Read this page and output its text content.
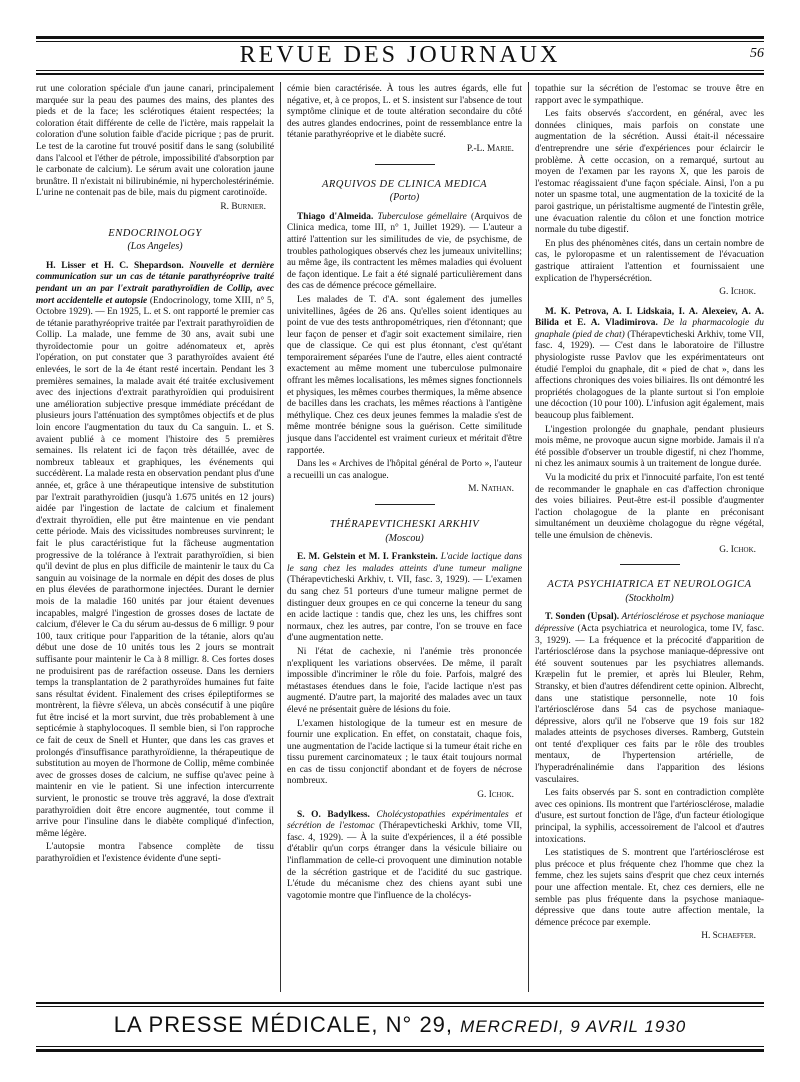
REVUE DES JOURNAUX	56

rut une coloration spéciale d'un jaune canari, principalement marquée sur la peau des paumes des mains, des plantes des pieds et de la face; les sclérotiques étaient respectées; la coloration était différente de celle de l'ictère, mais rappelait la coloration d'une solution faible d'acide picrique ; pas de prurit. Le test de la carotine fut trouvé positif dans le sang (solubilité dans l'alcool et l'éther de pétrole, impossibilité d'absorption par le carbonate de calcium). Le sérum avait une coloration jaune brunâtre. Il n'existait ni bilirubinémie, ni hypercholestérinémie. L'urine ne contenait pas de bile, mais du pigment carotinoïde.

R. Burnier.

ENDOCRINOLOGY
(Los Angeles)

H. Lisser et H. C. Shepardson. Nouvelle et dernière communication sur un cas de tétanie parathyréoprive traité pendant un an par l'extrait parathyroïdien de Collip, avec mort accidentelle et autopsie (Endocrinology, tome XIII, n° 5, Octobre 1929). — En 1925, L. et S. ont rapporté le premier cas de tétanie parathyréoprive traitée par l'extrait parathyroïdien de Collip. La malade, une femme de 30 ans, avait subi une thyroïdectomie pour un goitre adénomateux et, après l'opération, on put constater que 3 parathyroïdes avaient été enlevées, le sort de la 4e étant resté incertain. Pendant les 3 premières semaines, la malade avait été traitée exclusivement avec des injections d'extrait parathyroïdien qui produisirent une amélioration subjective presque immédiate précédant de plusieurs jours l'atténuation des symptômes objectifs et de plus loin encore l'augmentation du taux du Ca sanguin. L. et S. avaient publié à ce moment l'histoire des 5 premières semaines. Ils relatent ici de façon très détaillée, avec de nombreux tableaux et graphiques, les événements qui succédèrent. La malade resta en observation pendant plus d'une année, et, grâce à une thérapeutique intensive de substitution par l'extrait parathyroïdien (jusqu'à 1.675 unités en 12 jours) aidée par l'ingestion de lactate de calcium et finalement d'extrait thyroïdien, elle put être maintenue en vie pendant cette période. Mais des vicissitudes nombreuses survinrent; le fait le plus caractéristique fut la fâcheuse augmentation progressive de la tolérance à l'extrait parathyroïdien, si bien qu'il devint de plus en plus difficile de maintenir le taux du Ca sanguin au voisinage de la normale en dépit des doses de plus en plus élevées de parathormone injectées. Durant le dernier mois de la maladie 160 unités par jour étaient devenues incapables, malgré l'ingestion de grosses doses de lactate de calcium, d'élever le Ca du sérum au-dessus de 6 milligr. 9 pour 100, taux critique pour l'apparition de la tétanie, alors qu'au début une dose de 10 unités tous les 2 jours se montrait suffisante pour maintenir le Ca à 8 milligr. 8. Ces fortes doses ne produisirent pas de raréfaction osseuse. Dans les derniers temps la transplantation de 2 parathyroïdes humaines fut faite sans résultat évident. Finalement des crises épileptiformes se montrèrent, la fièvre s'éleva, un abcès consécutif à une piqûre fut être incisé et la mort survint, due très probablement à une septicémie à staphylocoques. Il semble bien, si l'on rapproche ce fait de ceux de Snell et Hunter, que dans les cas graves et prolongés d'insuffisance parathyroïdienne, la thérapeutique de substitution au moyen de l'hormone de Collip, même combinée avec de grosses doses de calcium, ne suffise qu'avec peine à maintenir en vie le patient. Si une infection intercurrente survient, le pronostic se trouve très aggravé, la dose d'extrait parathyroïdien doit être encore augmentée, tout comme il arrive pour l'insuline dans le diabète compliqué d'infection, même légère.

L'autopsie montra l'absence complète de tissu parathyroïdien et l'existence évidente d'une septi-

cémie bien caractérisée. À tous les autres égards, elle fut négative, et, à ce propos, L. et S. insistent sur l'absence de tout symptôme clinique et de toute altération secondaire du côté des autres glandes endocrines, point de ressemblance entre la tétanie parathyréoprive et le diabète sucré.

P.-L. Marie.

ARQUIVOS DE CLINICA MEDICA
(Porto)

Thiago d'Almeida. Tuberculose gémellaire (Arquivos de Clinica medica, tome III, n° 1, Juillet 1929). — L'auteur a attiré l'attention sur les similitudes de vie, de psychisme, de troubles pathologiques observés chez les jumeaux univitellins; au même âge, ils contractent les mêmes maladies qui évoluent de façon identique. Le fait a été signalé particulièrement dans des cas de démence précoce gémellaire.

Les malades de T. d'A. sont également des jumelles univitellines, âgées de 26 ans. Qu'elles soient identiques au point de vue des tests anthropométriques, rien d'étonnant; que leur façon de penser et d'agir soit exactement similaire, rien que de classique. Ce qui est plus étonnant, c'est qu'étant temporairement séparées l'une de l'autre, elles aient contracté exactement au même moment une tuberculose pulmonaire offrant les mêmes localisations, les mêmes signes fonctionnels et physiques, les mêmes courbes thermiques, la même absence de bacilles dans les crachats, les mêmes réactions à l'antigène méthylique. Chez ces deux jeunes femmes la maladie s'est de même montrée bénigne sous la guérison. Cette similitude jusque dans l'accidentel est vraiment curieux et méritait d'être rapportée.

Dans les « Archives de l'hôpital général de Porto », l'auteur a recueilli un cas analogue.

M. Nathan.

THÉRAPEVTICHESKI ARKHIV
(Moscou)

E. M. Gelstein et M. I. Frankstein. L'acide lactique dans le sang chez les malades atteints d'une tumeur maligne (Thérapevticheski Arkhiv, t. VII, fasc. 3, 1929). — L'examen du sang chez 51 porteurs d'une tumeur maligne permet de distinguer deux groupes en ce qui concerne la teneur du sang en acide lactique : tandis que, chez les uns, les chiffres sont normaux, chez les autres, par contre, l'on se trouve en face d'une augmentation nette.

Ni l'état de cachexie, ni l'anémie très prononcée n'expliquent les variations observées. De même, il paraît impossible d'incriminer le rôle du foie. Parfois, malgré des métastases étendues dans le foie, l'acide lactique n'est pas augmenté. D'autre part, la majorité des malades avec un taux élevé ne présentait guère de lésions du foie.

L'examen histologique de la tumeur est en mesure de fournir une explication. En effet, on constatait, chaque fois, une augmentation de l'acide lactique si la tumeur était riche en tissu purement carcinomateux ; le taux était toujours normal en cas de tissu conjonctif abondant et de foyers de nécrose nombreux.

G. Ichok.

S. O. Badylkess. Cholécystopathies expérimentales et sécrétion de l'estomac (Thérapevticheski Arkhiv, tome VII, fasc. 4, 1929). — À la suite d'expériences, il a été possible d'établir qu'un corps étranger dans la vésicule biliaire ou l'inflammation de celle-ci provoquent une diminution notable de la sécrétion gastrique et de l'acidité du suc gastrique. L'étude du mécanisme chez des chiens ayant subi une vagotomie montre que l'influence de la cholécys-

topathie sur la sécrétion de l'estomac se trouve être en rapport avec le sympathique.

Les faits observés s'accordent, en général, avec les données cliniques, mais parfois on constate une augmentation de la sécrétion. Aussi était-il nécessaire d'entreprendre une série d'expériences pour éclaircir le problème. À cette occasion, on a remarqué, surtout au moyen de l'examen par les rayons X, que les parois de l'estomac réagissaient d'une façon spéciale. Ainsi, l'on a pu noter un spasme total, une augmentation de la toxicité de la paroi gastrique, un péristaltisme augmenté de l'intestin grêle, une évacuation ralentie du côlon et une fonction motrice normale du tube digestif.

En plus des phénomènes cités, dans un certain nombre de cas, le pyloropasme et un ralentissement de l'évacuation gastrique attiraient l'attention et fournissaient une explication de l'hypersécrétion.

G. Ichok.

M. K. Petrova, A. I. Lidskaia, I. A. Alexeiev, A. A. Bilida et E. A. Vladimirova. De la pharmacologie du gnaphale (pied de chat) (Thérapevticheski Arkhiv, tome VII, fasc. 4, 1929). — C'est dans le laboratoire de l'illustre physiologiste russe Pavlov que les expérimentateurs ont étudié l'emploi du gnaphale, dit « pied de chat », dans les affections chroniques des voies biliaires. Ils ont démontré les propriétés cholagogues de la plante surtout si l'on emploie une décoction (10 pour 100). L'infusion agit également, mais beaucoup plus faiblement.

L'ingestion prolongée du gnaphale, pendant plusieurs mois même, ne provoque aucun signe morbide. Jamais il n'a été possible d'observer un trouble digestif, ni chez l'homme, ni chez les animaux soumis à un traitement de longue durée.

Vu la modicité du prix et l'innocuité parfaite, l'on est tenté de recommander le gnaphale en cas d'affection chronique des voies biliaires. Peut-être est-il possible d'augmenter l'action cholagogue de la plante en préconisant simultanément un deuxième cholagogue du règne végétal, telle une émulsion de chènevis.

G. Ichok.

ACTA PSYCHIATRICA ET NEUROLOGICA
(Stockholm)

T. Sonden (Upsal). Artériosclérose et psychose maniaque dépressive (Acta psychiatrica et neurologica, tome IV, fasc. 3, 1929). — La fréquence et la précocité d'apparition de l'artériosclérose dans la psychose maniaque-dépressive ont été souvent soutenues par les psychiatres allemands. Kræpelin fut le premier, et après lui Bleuler, Rehm, Stransky, et bien d'autres défendirent cette opinion. Albrecht, dans une statistique personnelle, note 10 fois l'artériosclérose dans 54 cas de psychose maniaque-dépressive, alors qu'il ne l'observe que 19 fois sur 182 malades atteints de psychoses diverses. Ramberg, Gutstein ont tenté d'expliquer ces faits par le rôle des troubles mentaux, de l'hypertension artérielle, de l'hyperadrénalinémie dans l'apparition des lésions vasculaires.

Les faits observés par S. sont en contradiction complète avec ces opinions. Ils montrent que l'artériosclérose, maladie d'usure, est surtout fonction de l'âge, d'un facteur étiologique principal, la syphilis, accessoirement de l'alcool et d'autres intoxications.

Les statistiques de S. montrent que l'artériosclérose est plus précoce et plus fréquente chez l'homme que chez la femme, chez les sujets sains d'esprit que chez ceux internés pour une affection mentale. Et, chez ces derniers, elle ne semble pas plus fréquente dans la psychose maniaque-dépressive que dans toute autre affection mentale, la démence précoce par exemple.

H. Schaeffer.

LA PRESSE MÉDICALE, N° 29, MERCREDI, 9 AVRIL 1930
